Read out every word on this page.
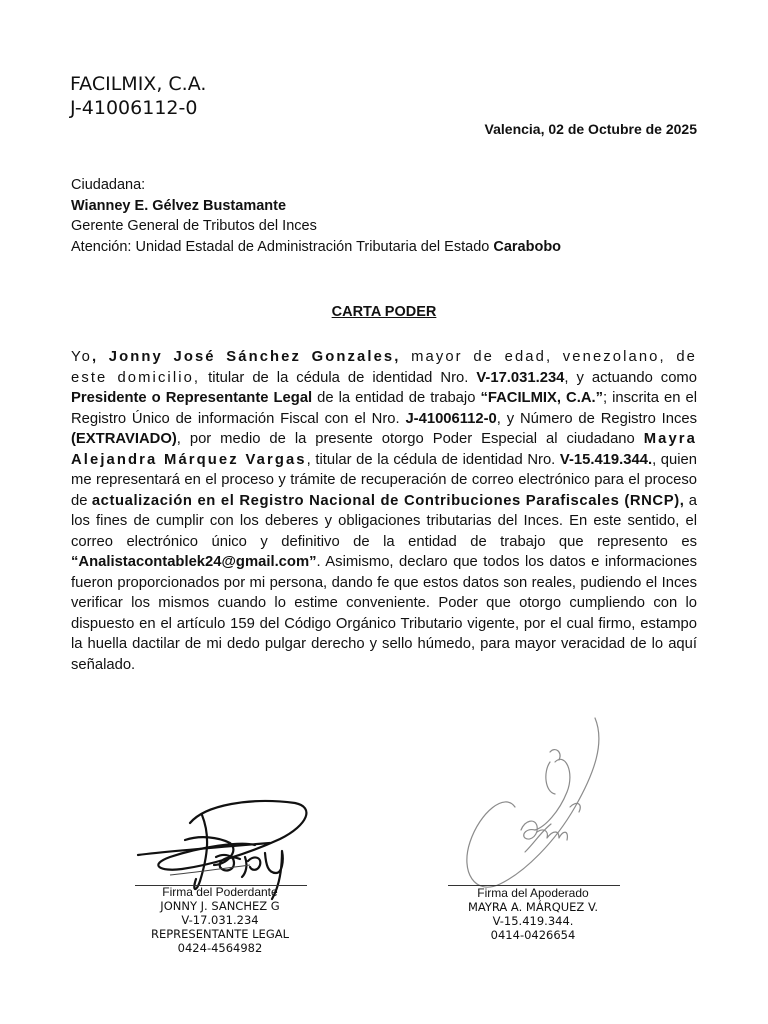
FACILMIX, C.A.
J-41006112-0
Valencia, 02 de Octubre de 2025
Ciudadana:
Wianney E. Gélvez Bustamante
Gerente General de Tributos del Inces
Atención: Unidad Estadal de Administración Tributaria del Estado Carabobo
CARTA PODER
Yo, Jonny José Sánchez Gonzales, mayor de edad, venezolano, de este domicilio, titular de la cédula de identidad Nro. V-17.031.234, y actuando como Presidente o Representante Legal de la entidad de trabajo “FACILMIX, C.A.”; inscrita en el Registro Único de información Fiscal con el Nro. J-41006112-0, y Número de Registro Inces (EXTRAVIADO), por medio de la presente otorgo Poder Especial al ciudadano Mayra Alejandra Márquez Vargas, titular de la cédula de identidad Nro. V-15.419.344., quien me representará en el proceso y trámite de recuperación de correo electrónico para el proceso de actualización en el Registro Nacional de Contribuciones Parafiscales (RNCP), a los fines de cumplir con los deberes y obligaciones tributarias del Inces. En este sentido, el correo electrónico único y definitivo de la entidad de trabajo que represento es “Analistacontablek24@gmail.com”. Asimismo, declaro que todos los datos e informaciones fueron proporcionados por mi persona, dando fe que estos datos son reales, pudiendo el Inces verificar los mismos cuando lo estime conveniente. Poder que otorgo cumpliendo con lo dispuesto en el artículo 159 del Código Orgánico Tributario vigente, por el cual firmo, estampo la huella dactilar de mi dedo pulgar derecho y sello húmedo, para mayor veracidad de lo aquí señalado.
Firma del Poderdante
JONNY J. SANCHEZ G
V-17.031.234
REPRESENTANTE LEGAL
0424-4564982
Firma del Apoderado
MAYRA A. MÁRQUEZ V.
V-15.419.344.
0414-0426654
